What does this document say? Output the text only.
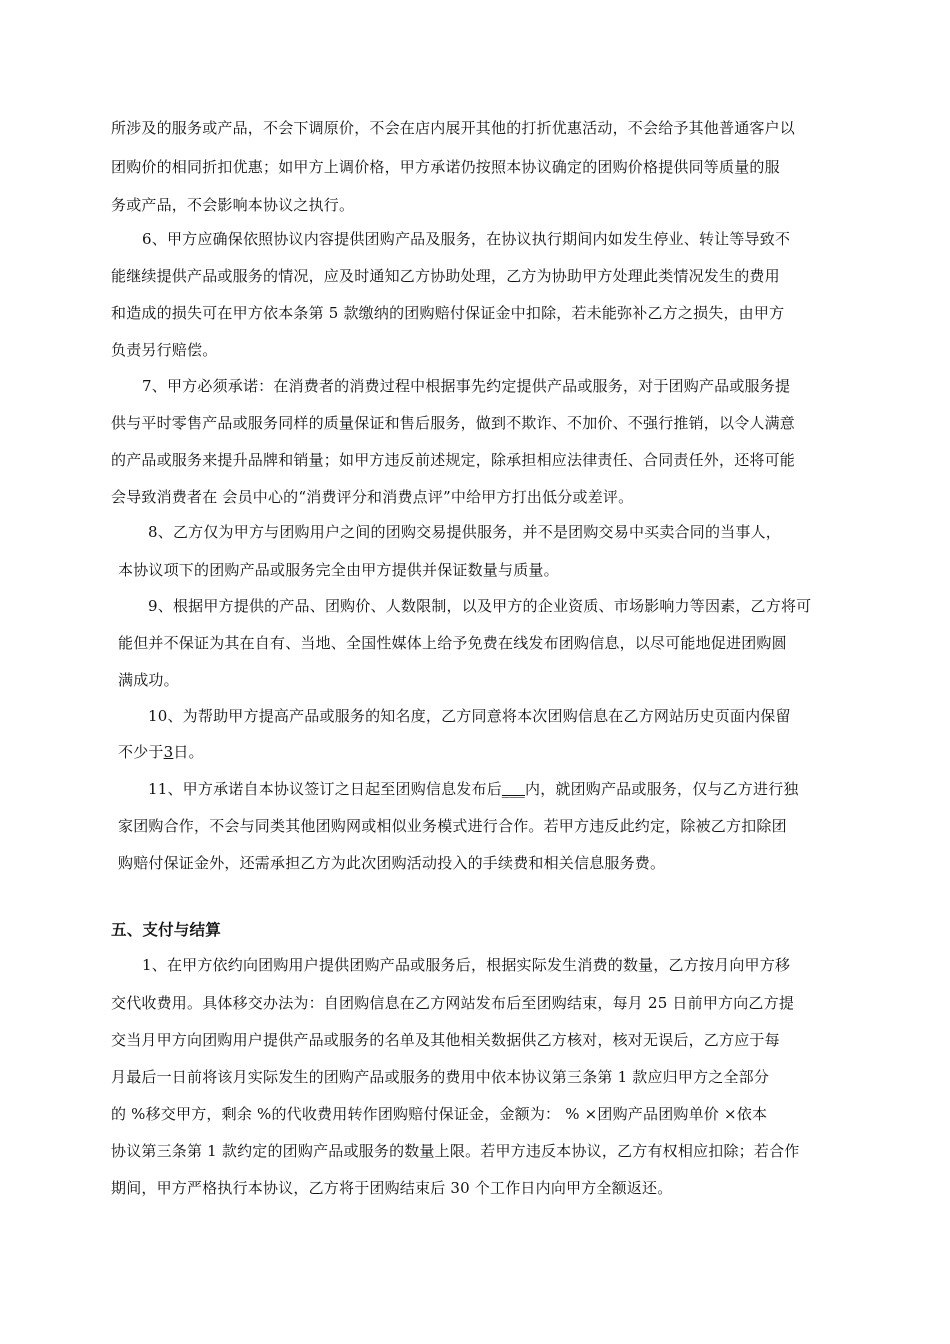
所涉及的服务或产品，不会下调原价，不会在店内展开其他的打折优惠活动，不会给予其他普通客户以
团购价的相同折扣优惠；如甲方上调价格，甲方承诺仍按照本协议确定的团购价格提供同等质量的服
务或产品，不会影响本协议之执行。
6、甲方应确保依照协议内容提供团购产品及服务，在协议执行期间内如发生停业、转让等导致不
能继续提供产品或服务的情况，应及时通知乙方协助处理，乙方为协助甲方处理此类情况发生的费用
和造成的损失可在甲方依本条第 5 款缴纳的团购赔付保证金中扣除，若未能弥补乙方之损失，由甲方
负责另行赔偿。
7、甲方必须承诺：在消费者的消费过程中根据事先约定提供产品或服务，对于团购产品或服务提
供与平时零售产品或服务同样的质量保证和售后服务，做到不欺诈、不加价、不强行推销，以令人满意
的产品或服务来提升品牌和销量；如甲方违反前述规定，除承担相应法律责任、合同责任外，还将可能
会导致消费者在 会员中心的“消费评分和消费点评”中给甲方打出低分或差评。
8、乙方仅为甲方与团购用户之间的团购交易提供服务，并不是团购交易中买卖合同的当事人，
本协议项下的团购产品或服务完全由甲方提供并保证数量与质量。
9、根据甲方提供的产品、团购价、人数限制，以及甲方的企业资质、市场影响力等因素，乙方将可
能但并不保证为其在自有、当地、全国性媒体上给予免费在线发布团购信息，以尽可能地促进团购圆
满成功。
10、为帮助甲方提高产品或服务的知名度，乙方同意将本次团购信息在乙方网站历史页面内保留
不少于3日。
11、甲方承诺自本协议签订之日起至团购信息发布后___内，就团购产品或服务，仅与乙方进行独
家团购合作，不会与同类其他团购网或相似业务模式进行合作。若甲方违反此约定，除被乙方扣除团
购赔付保证金外，还需承担乙方为此次团购活动投入的手续费和相关信息服务费。
五、支付与结算
1、在甲方依约向团购用户提供团购产品或服务后，根据实际发生消费的数量，乙方按月向甲方移
交代收费用。具体移交办法为：自团购信息在乙方网站发布后至团购结束，每月 25 日前甲方向乙方提
交当月甲方向团购用户提供产品或服务的名单及其他相关数据供乙方核对，核对无误后，乙方应于每
月最后一日前将该月实际发生的团购产品或服务的费用中依本协议第三条第 1 款应归甲方之全部分
的 %移交甲方，剩余 %的代收费用转作团购赔付保证金，金额为： % ×团购产品团购单价 ×依本
协议第三条第 1 款约定的团购产品或服务的数量上限。若甲方违反本协议，乙方有权相应扣除；若合作
期间，甲方严格执行本协议，乙方将于团购结束后 30 个工作日内向甲方全额返还。
